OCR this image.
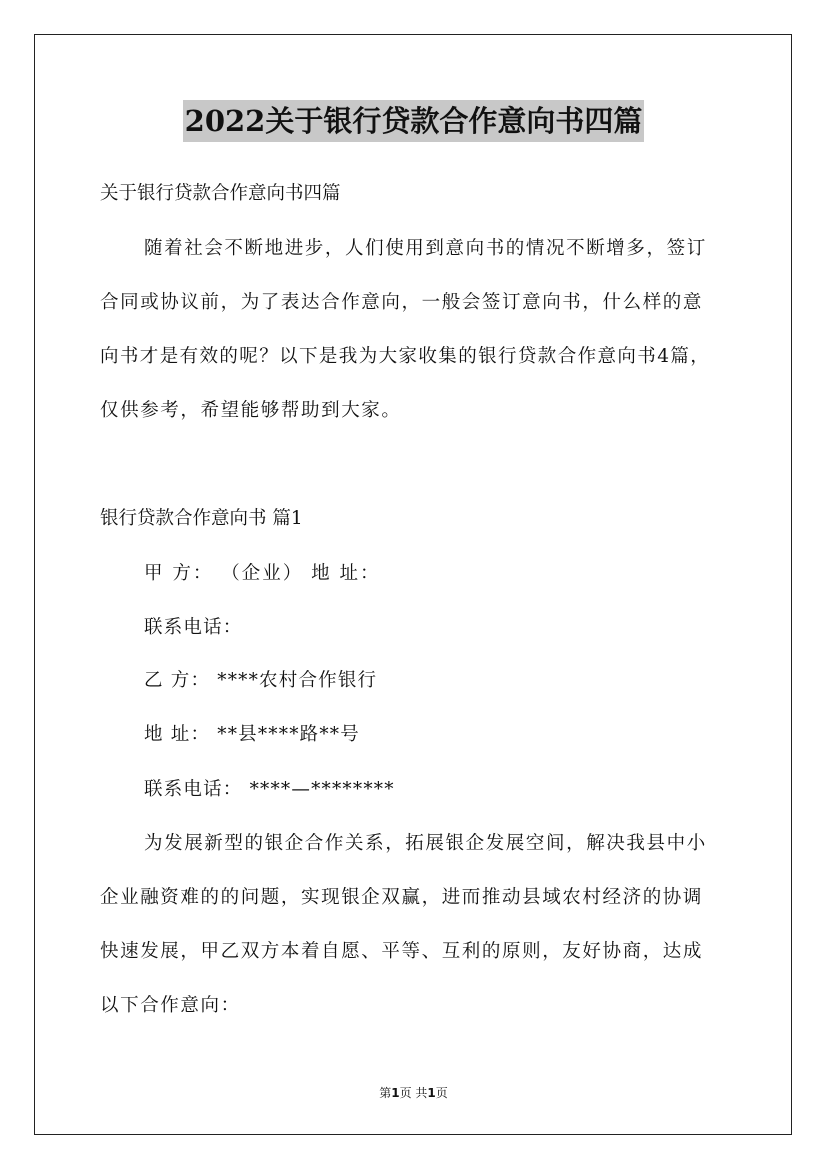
2022关于银行贷款合作意向书四篇
关于银行贷款合作意向书四篇
随着社会不断地进步，人们使用到意向书的情况不断增多，签订
合同或协议前，为了表达合作意向，一般会签订意向书，什么样的意
向书才是有效的呢？以下是我为大家收集的银行贷款合作意向书4篇，
仅供参考，希望能够帮助到大家。
银行贷款合作意向书 篇1
甲 方： （企业） 地 址：
联系电话：
乙 方： ****农村合作银行
地 址： **县****路**号
联系电话： ****—********
为发展新型的银企合作关系，拓展银企发展空间，解决我县中小
企业融资难的的问题，实现银企双赢，进而推动县域农村经济的协调
快速发展，甲乙双方本着自愿、平等、互利的原则，友好协商，达成
以下合作意向：
第1页 共1页
